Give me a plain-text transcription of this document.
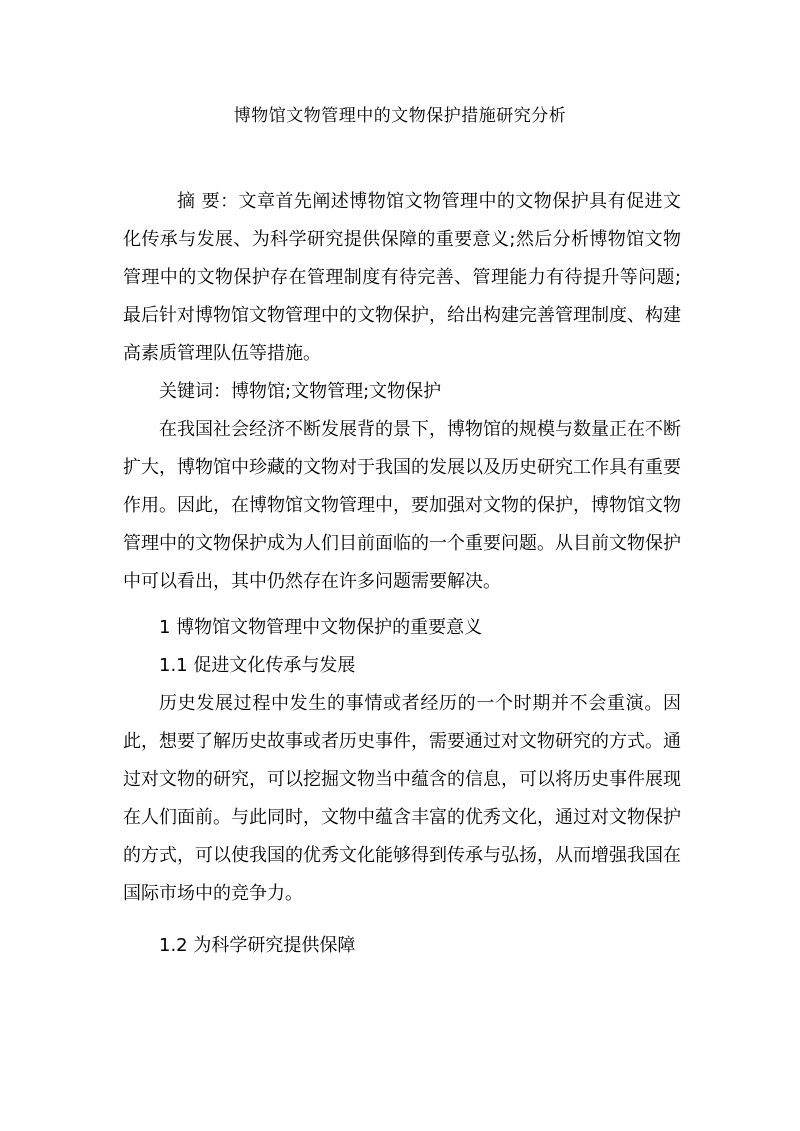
博物馆文物管理中的文物保护措施研究分析

摘 要：文章首先阐述博物馆文物管理中的文物保护具有促进文化传承与发展、为科学研究提供保障的重要意义;然后分析博物馆文物管理中的文物保护存在管理制度有待完善、管理能力有待提升等问题;最后针对博物馆文物管理中的文物保护，给出构建完善管理制度、构建高素质管理队伍等措施。

关键词：博物馆;文物管理;文物保护

在我国社会经济不断发展背的景下，博物馆的规模与数量正在不断扩大，博物馆中珍藏的文物对于我国的发展以及历史研究工作具有重要作用。因此，在博物馆文物管理中，要加强对文物的保护，博物馆文物管理中的文物保护成为人们目前面临的一个重要问题。从目前文物保护中可以看出，其中仍然存在许多问题需要解决。

1 博物馆文物管理中文物保护的重要意义

1.1 促进文化传承与发展

历史发展过程中发生的事情或者经历的一个时期并不会重演。因此，想要了解历史故事或者历史事件，需要通过对文物研究的方式。通过对文物的研究，可以挖掘文物当中蕴含的信息，可以将历史事件展现在人们面前。与此同时，文物中蕴含丰富的优秀文化，通过对文物保护的方式，可以使我国的优秀文化能够得到传承与弘扬，从而增强我国在国际市场中的竞争力。

1.2 为科学研究提供保障
